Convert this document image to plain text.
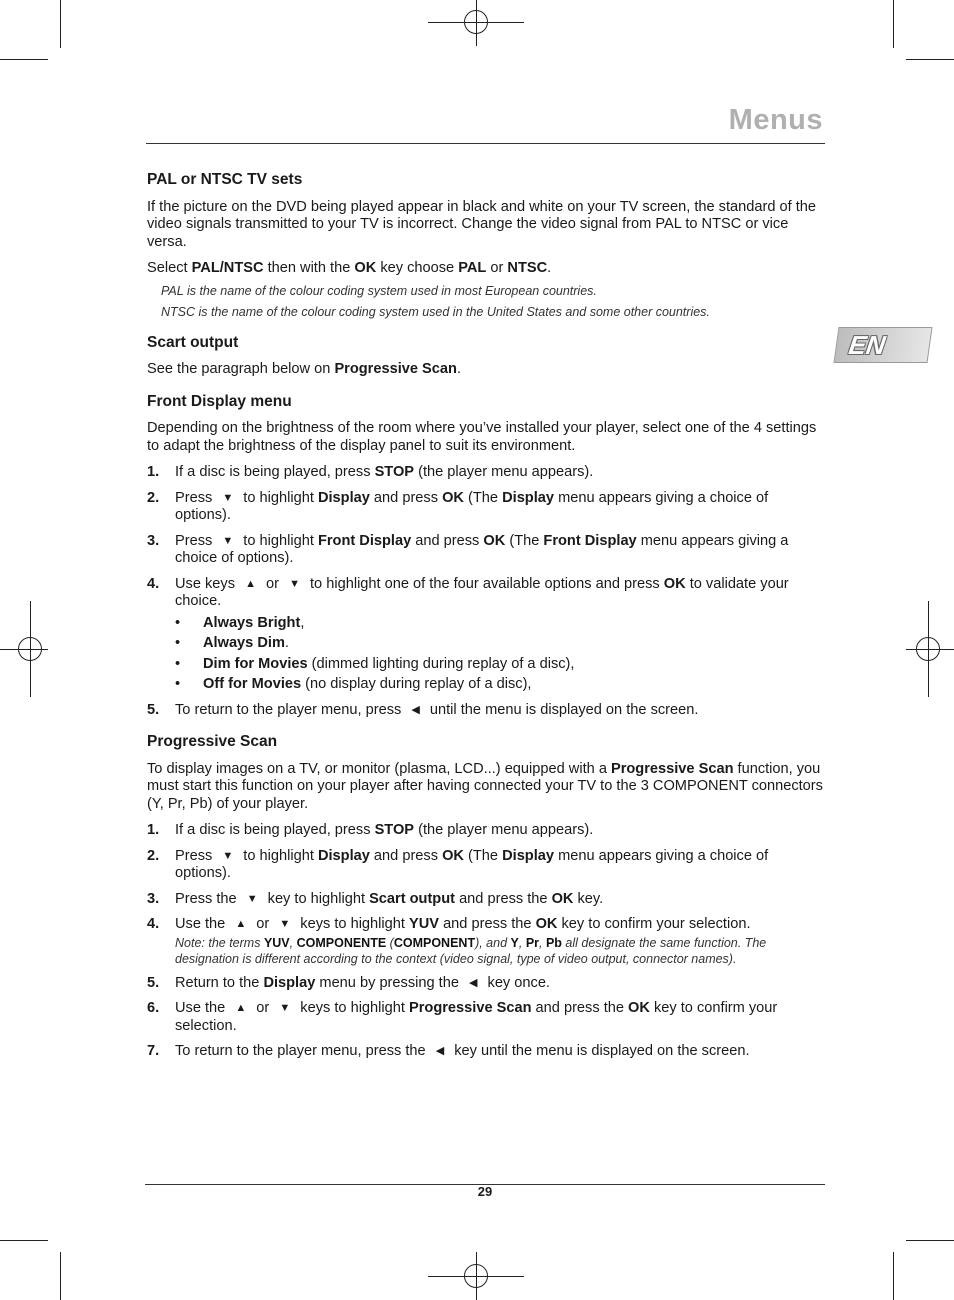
Menus
EN
PAL or NTSC TV sets

If the picture on the DVD being played appear in black and white on your TV screen, the standard of the video signals transmitted to your TV is incorrect. Change the video signal from PAL to NTSC or vice versa.

Select PAL/NTSC then with the OK key choose PAL or NTSC.

PAL is the name of the colour coding system used in most European countries.
NTSC is the name of the colour coding system used in the United States and some other countries.
Scart output

See the paragraph below on Progressive Scan.

Front Display menu

Depending on the brightness of the room where you’ve installed your player, select one of the 4 settings to adapt the brightness of the display panel to suit its environment.

1. If a disc is being played, press STOP (the player menu appears).
2. Press ▼ to highlight Display and press OK (The Display menu appears giving a choice of options).
3. Press ▼ to highlight Front Display and press OK (The Front Display menu appears giving a choice of options).
4. Use keys ▲ or ▼ to highlight one of the four available options and press OK to validate your choice.
• Always Bright,
• Always Dim.
• Dim for Movies (dimmed lighting during replay of a disc),
• Off for Movies (no display during replay of a disc),
5. To return to the player menu, press ◀ until the menu is displayed on the screen.
Progressive Scan

To display images on a TV, or monitor (plasma, LCD...) equipped with a Progressive Scan function, you must start this function on your player after having connected your TV to the 3 COMPONENT connectors (Y, Pr, Pb) of your player.

1. If a disc is being played, press STOP (the player menu appears).
2. Press ▼ to highlight Display and press OK (The Display menu appears giving a choice of options).
3. Press the ▼ key to highlight Scart output and press the OK key.
4. Use the ▲ or ▼ keys to highlight YUV and press the OK key to confirm your selection.
Note: the terms YUV, COMPONENTE (COMPONENT), and Y, Pr, Pb all designate the same function. The designation is different according to the context (video signal, type of video output, connector names).
5. Return to the Display menu by pressing the ◀ key once.
6. Use the ▲ or ▼ keys to highlight Progressive Scan and press the OK key to confirm your selection.
7. To return to the player menu, press the ◀ key until the menu is displayed on the screen.
29
